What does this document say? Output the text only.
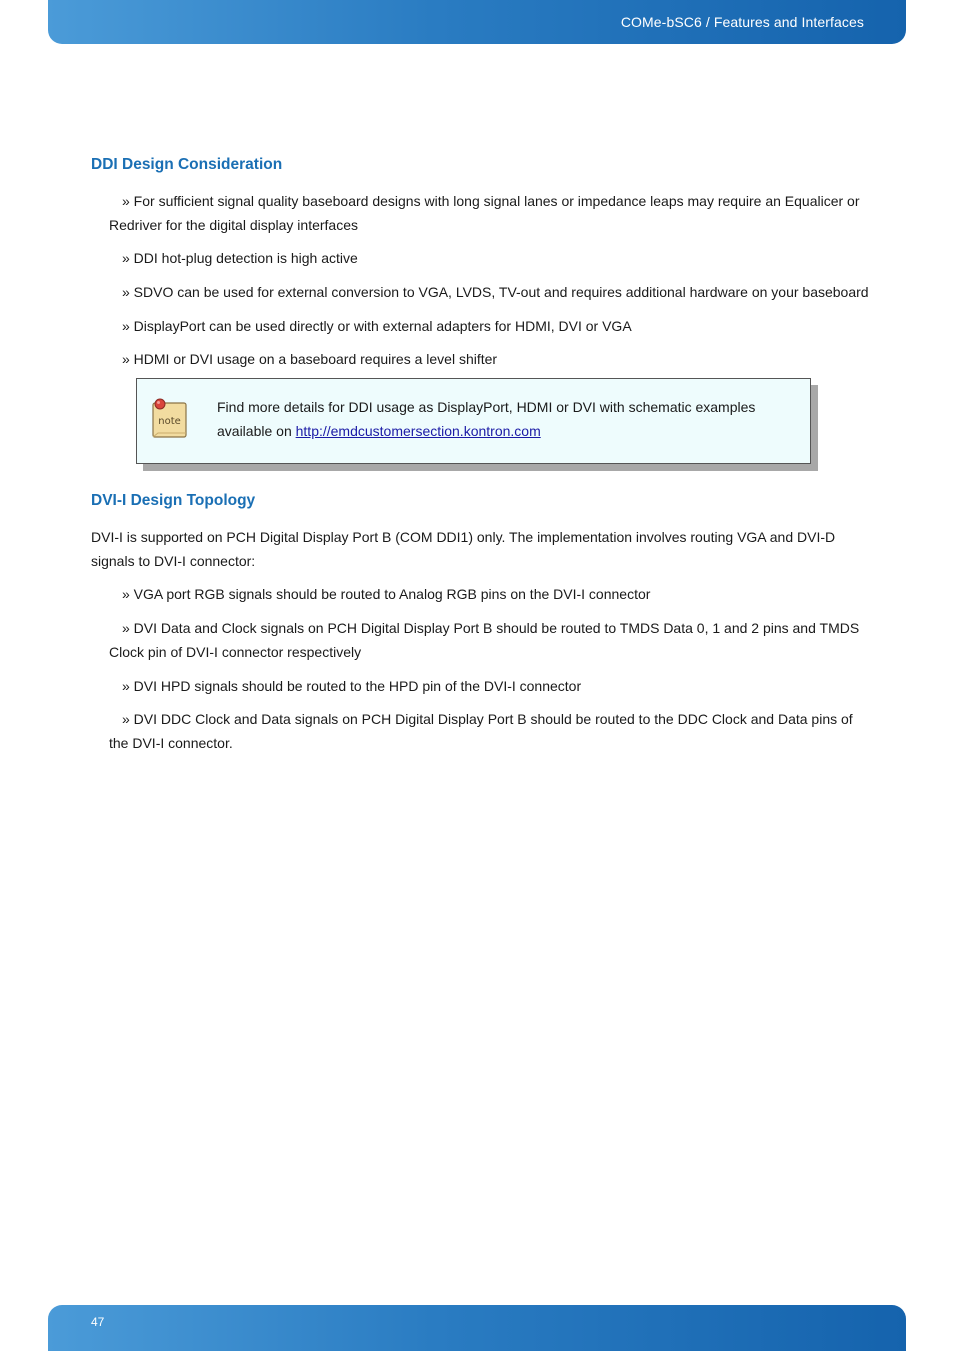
COMe-bSC6 / Features and Interfaces
DDI Design Consideration

» For sufficient signal quality baseboard designs with long signal lanes or impedance leaps may require an Equalicer or Redriver for the digital display interfaces

» DDI hot-plug detection is high active

» SDVO can be used for external conversion to VGA, LVDS, TV-out and requires additional hardware on your baseboard

» DisplayPort can be used directly or with external adapters for HDMI, DVI or VGA

» HDMI or DVI usage on a baseboard requires a level shifter

note

Find more details for DDI usage as DisplayPort, HDMI or DVI with schematic examples
available on http://emdcustomersection.kontron.com

DVI-I Design Topology

DVI-I is supported on PCH Digital Display Port B (COM DDI1) only. The implementation involves routing VGA and DVI-D signals to DVI-I connector:

» VGA port RGB signals should be routed to Analog RGB pins on the DVI-I connector

» DVI Data and Clock signals on PCH Digital Display Port B should be routed to TMDS Data 0, 1 and 2 pins and TMDS Clock pin of DVI-I connector respectively

» DVI HPD signals should be routed to the HPD pin of the DVI-I connector

» DVI DDC Clock and Data signals on PCH Digital Display Port B should be routed to the DDC Clock and Data pins of the DVI-I connector.

47
